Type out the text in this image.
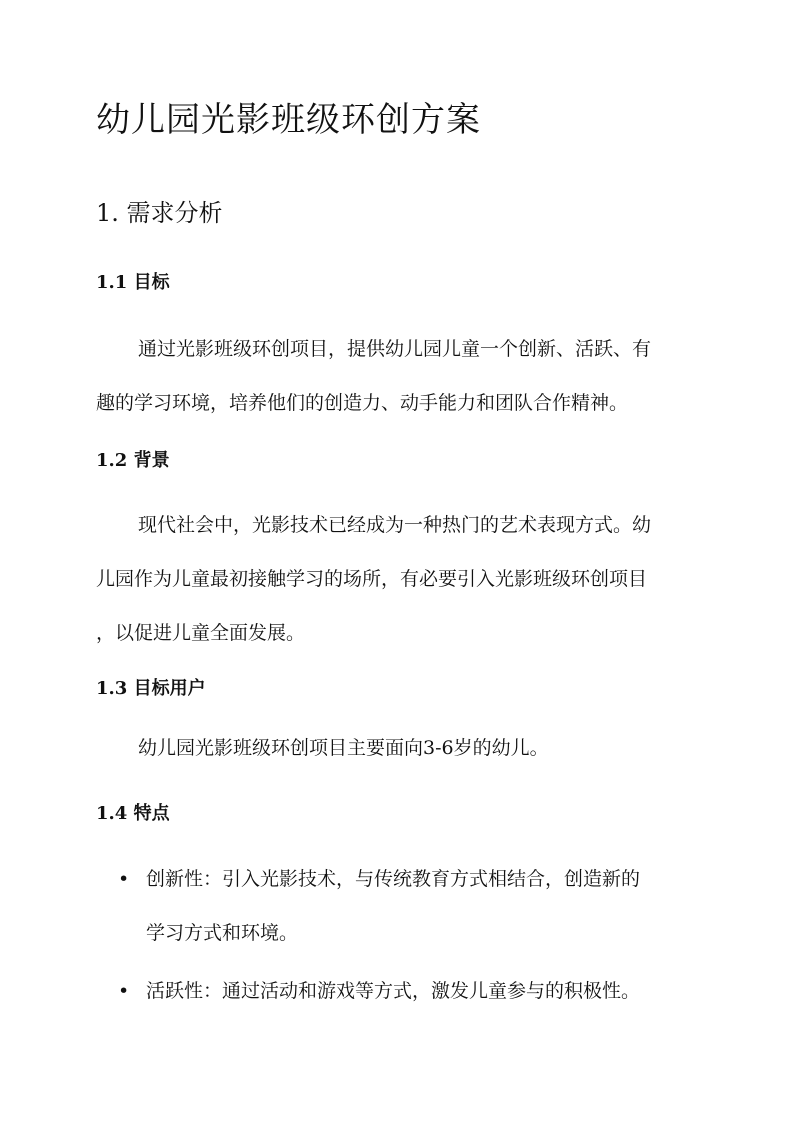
幼儿园光影班级环创方案
1. 需求分析
1.1 目标
通过光影班级环创项目，提供幼儿园儿童一个创新、活跃、有
趣的学习环境，培养他们的创造力、动手能力和团队合作精神。
1.2 背景
现代社会中，光影技术已经成为一种热门的艺术表现方式。幼
儿园作为儿童最初接触学习的场所，有必要引入光影班级环创项目
，以促进儿童全面发展。
1.3 目标用户
幼儿园光影班级环创项目主要面向3-6岁的幼儿。
1.4 特点
• 创新性：引入光影技术，与传统教育方式相结合，创造新的
学习方式和环境。
• 活跃性：通过活动和游戏等方式，激发儿童参与的积极性。
